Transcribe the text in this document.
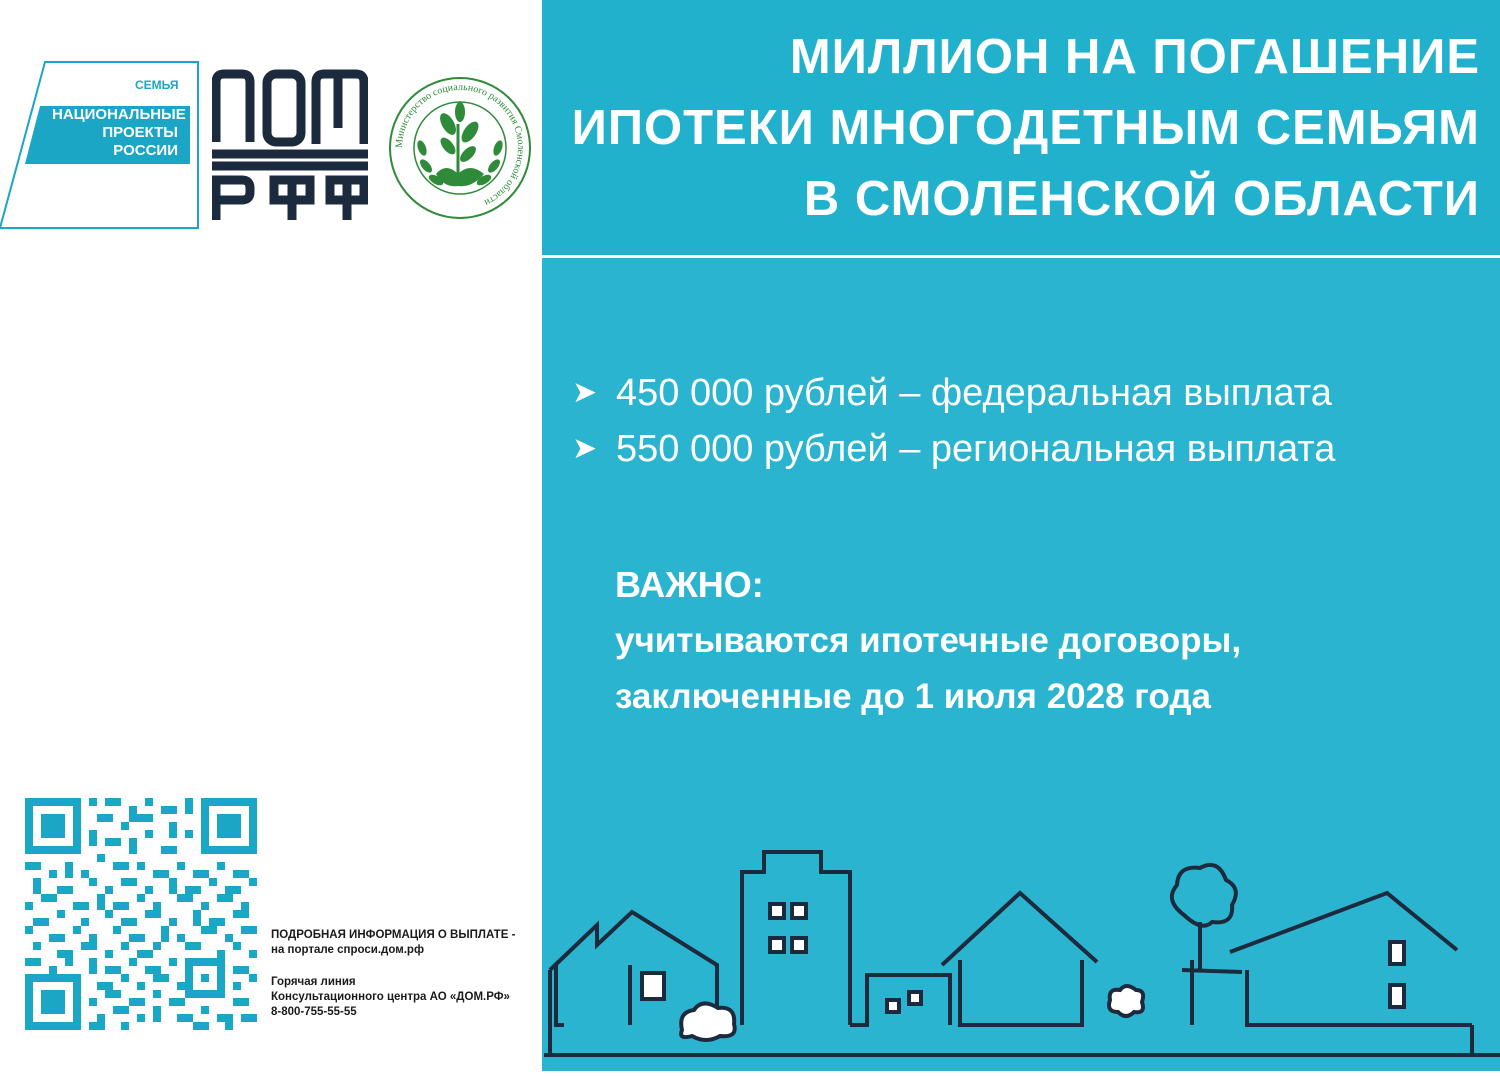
СЕМЬЯ
НАЦИОНАЛЬНЫЕ
ПРОЕКТЫ
РОССИИ	Министерство социального развития Смоленской области
ПОДРОБНАЯ ИНФОРМАЦИЯ О ВЫПЛАТЕ -
на портале спроси.дом.рф
Горячая линия
Консультационного центра АО «ДОМ.РФ»
8-800-755-55-55
МИЛЛИОН НА ПОГАШЕНИЕ
ИПОТЕКИ МНОГОДЕТНЫМ СЕМЬЯМ
В СМОЛЕНСКОЙ ОБЛАСТИ
➤ 450 000 рублей – федеральная выплата
➤ 550 000 рублей – региональная выплата
ВАЖНО:
учитываются ипотечные договоры,
заключенные до 1 июля 2028 года
